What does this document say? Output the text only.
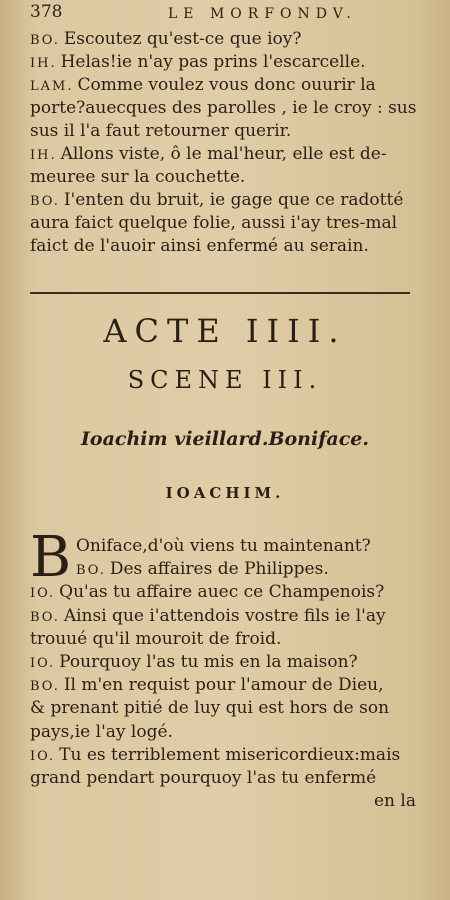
378	LE MORFONDV.
BO. Escoutez qu'est-ce que ioy?
IH. Helas!ie n'ay pas prins l'escarcelle.
LAM. Comme voulez vous donc ouurir la
porte?auecques des parolles , ie le croy : sus
sus il l'a faut retourner querir.
IH. Allons viste, ô le mal'heur, elle est de-
meuree sur la couchette.
BO. I'enten du bruit, ie gage que ce radotté
aura faict quelque folie, aussi i'ay tres-mal
faict de l'auoir ainsi enfermé au serain.
ACTE IIII.
SCENE III.
Ioachim vieillard.Boniface.
IOACHIM.
B Oniface,d'où viens tu maintenant?
BO. Des affaires de Philippes.
IO. Qu'as tu affaire auec ce Champenois?
BO. Ainsi que i'attendois vostre fils ie l'ay
trouué qu'il mouroit de froid.
IO. Pourquoy l'as tu mis en la maison?
BO. Il m'en requist pour l'amour de Dieu,
& prenant pitié de luy qui est hors de son
pays,ie l'ay logé.
IO. Tu es terriblement misericordieux:mais
grand pendart pourquoy l'as tu enfermé
en la
